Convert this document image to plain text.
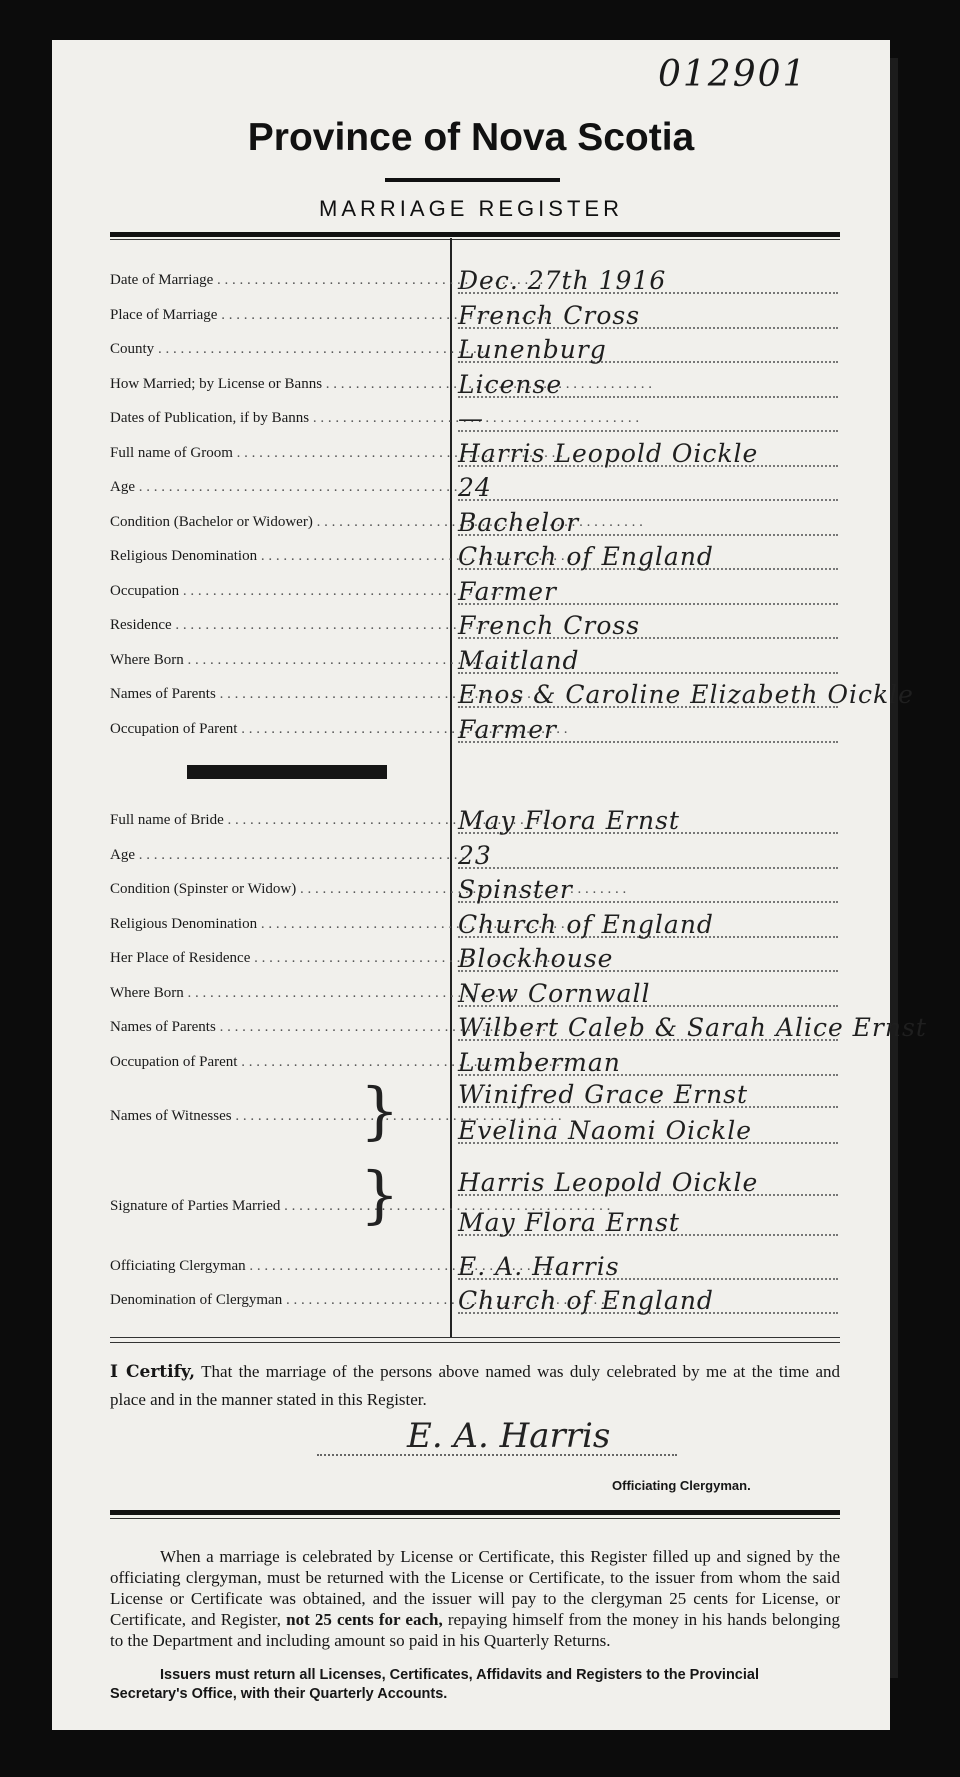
012901
Province of Nova Scotia
MARRIAGE REGISTER
Date of Marriage . . .	Dec. 27th 1916
Place of Marriage . . .	French Cross
County . . .	Lunenburg
How Married; by License or Banns . . .	License
Dates of Publication, if by Banns . . .	—
Full name of Groom . . .	Harris Leopold Oickle
Age . . .	24
Condition (Bachelor or Widower) . . .	Bachelor
Religious Denomination . . .	Church of England
Occupation . . .	Farmer
Residence . . .	French Cross
Where Born . . .	Maitland
Names of Parents . . .	Enos & Caroline Elizabeth Oickle
Occupation of Parent . . .	Farmer
Full name of Bride . . .	May Flora Ernst
Age . . .	23
Condition (Spinster or Widow) . . .	Spinster
Religious Denomination . . .	Church of England
Her Place of Residence . . .	Blockhouse
Where Born . . .	New Cornwall
Names of Parents . . .	Wilbert Caleb & Sarah Alice Ernst
Occupation of Parent . . .	Lumberman
Names of Witnesses . . .
Winifred Grace Ernst
Evelina Naomi Oickle
}
Signature of Parties Married . . .
Harris Leopold Oickle
May Flora Ernst
}
Officiating Clergyman . . .	E. A. Harris
Denomination of Clergyman . . .	Church of England
I Certify, That the marriage of the persons above named was duly celebrated by me at the time and place and in the manner stated in this Register.
E. A. Harris
Officiating Clergyman.
When a marriage is celebrated by License or Certificate, this Register filled up and signed by the officiating clergyman, must be returned with the License or Certificate, to the issuer from whom the said License or Certificate was obtained, and the issuer will pay to the clergyman 25 cents for License, or Certificate, and Register, not 25 cents for each, repaying himself from the money in his hands belonging to the Department and including amount so paid in his Quarterly Returns.
Issuers must return all Licenses, Certificates, Affidavits and Registers to the Provincial Secretary's Office, with their Quarterly Accounts.
